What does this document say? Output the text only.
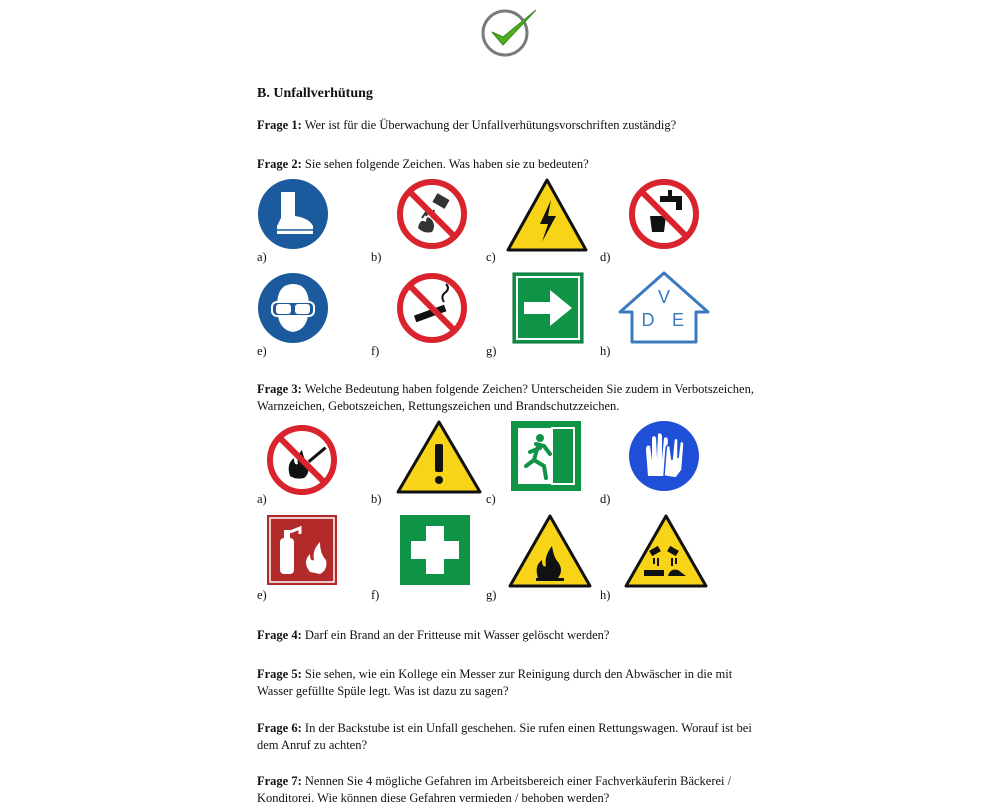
B. Unfallverhütung
Frage 1: Wer ist für die Überwachung der Unfallverhütungsvorschriften zuständig?
Frage 2: Sie sehen folgende Zeichen. Was haben sie zu bedeuten?
a)	b)	c)	d)
V
D E
e)	f)	g)	h)
Frage 3: Welche Bedeutung haben folgende Zeichen? Unterscheiden Sie zudem in Verbotszeichen, Warnzeichen, Gebotszeichen, Rettungszeichen und Brandschutzzeichen.
a)	b)	c)	d)
e)	f)	g)	h)
Frage 4: Darf ein Brand an der Fritteuse mit Wasser gelöscht werden?
Frage 5: Sie sehen, wie ein Kollege ein Messer zur Reinigung durch den Abwäscher in die mit Wasser gefüllte Spüle legt. Was ist dazu zu sagen?
Frage 6: In der Backstube ist ein Unfall geschehen. Sie rufen einen Rettungswagen. Worauf ist bei dem Anruf zu achten?
Frage 7: Nennen Sie 4 mögliche Gefahren im Arbeitsbereich einer Fachverkäuferin Bäckerei / Konditorei. Wie können diese Gefahren vermieden / behoben werden?
